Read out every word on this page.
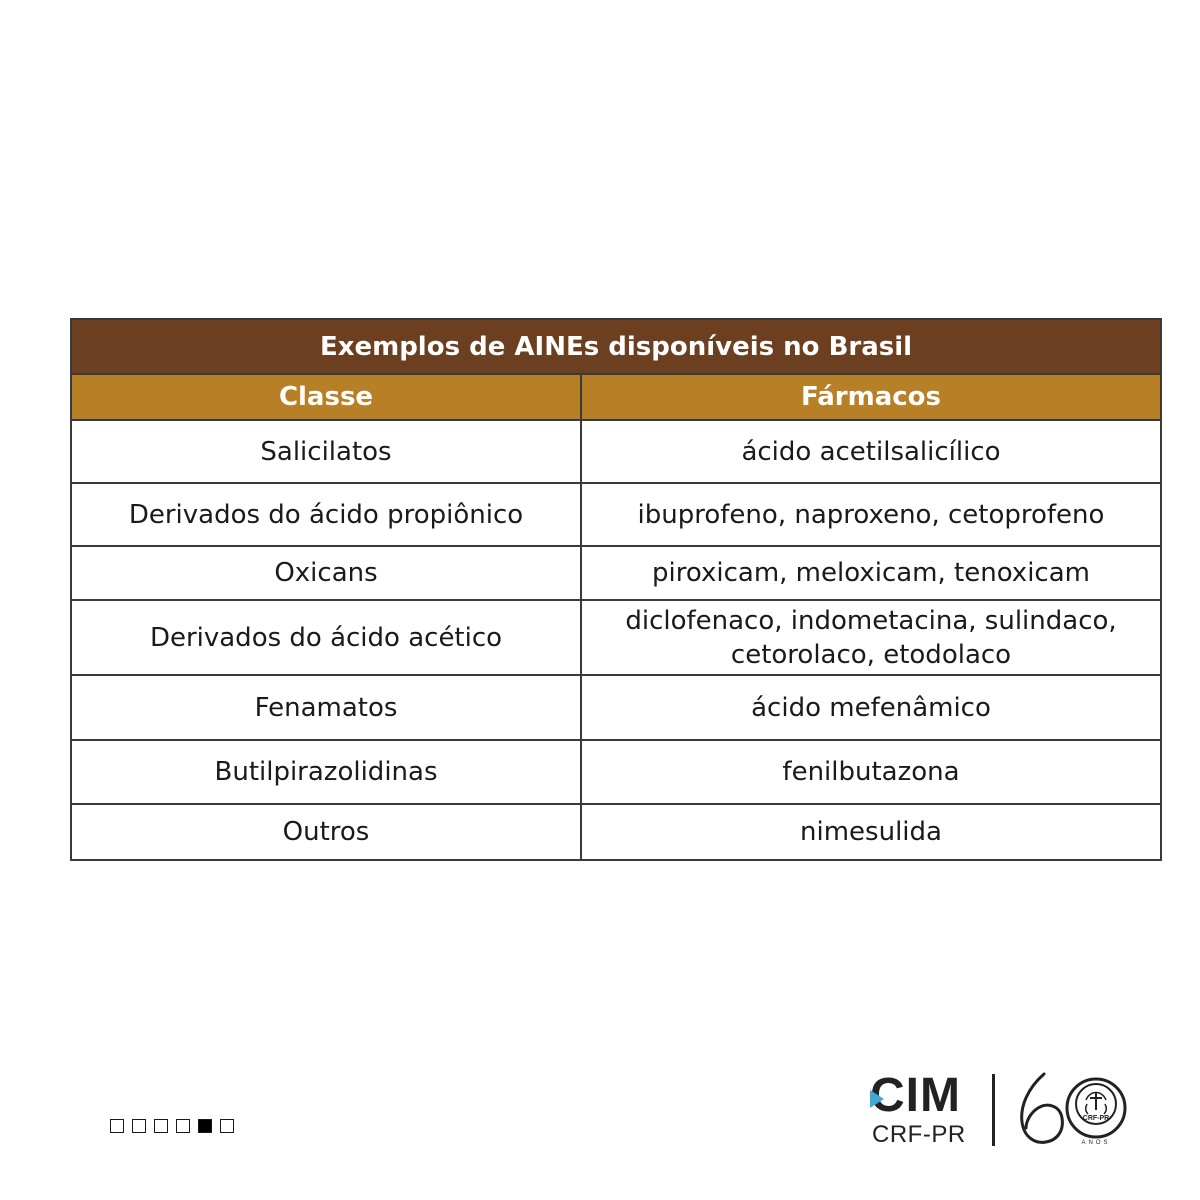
Exemplos de AINEs disponíveis no Brasil	
Classe	Fármacos
Salicilatos	ácido acetilsalicílico
Derivados do ácido propiônico	ibuprofeno, naproxeno, cetoprofeno
Oxicans	piroxicam, meloxicam, tenoxicam
Derivados do ácido acético	diclofenaco, indometacina, sulindaco, cetorolaco, etodolaco
Fenamatos	ácido mefenâmico
Butilpirazolidinas	fenilbutazona
Outros	nimesulida
CIM
CRF-PR
CRF-PR
ANOS
